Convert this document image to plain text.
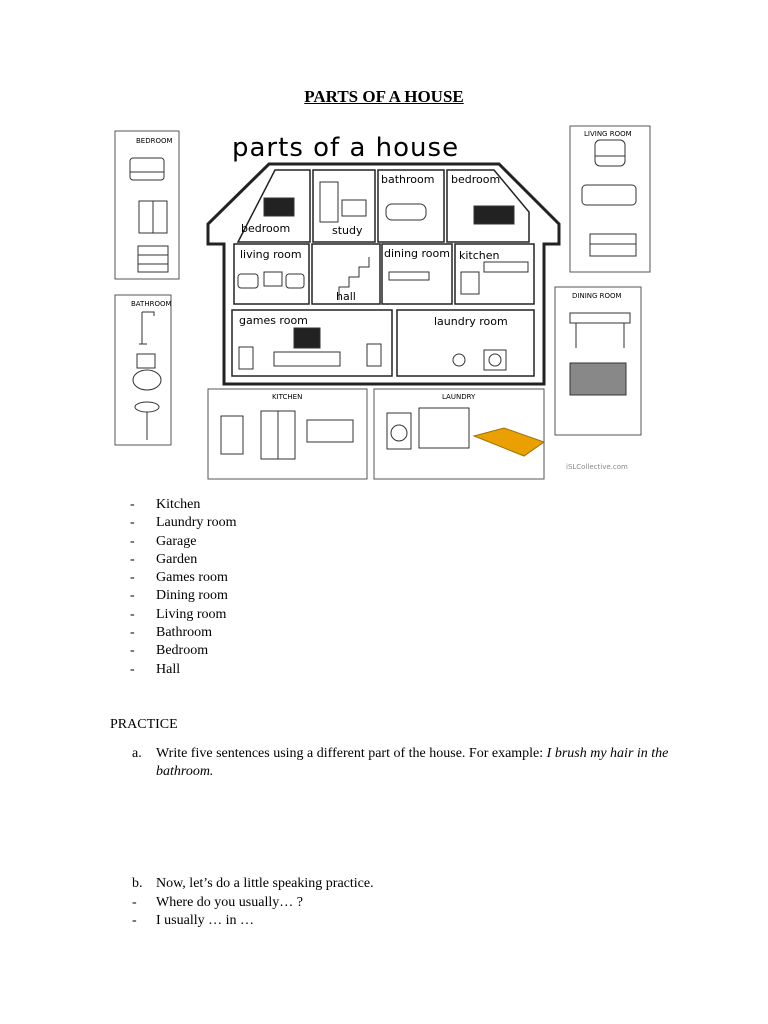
PARTS OF A HOUSE
BEDROOM
BATHROOM
LIVING ROOM
DINING ROOM
KITCHEN	LAUNDRY
iSLCollective.com
parts of a house
bedroom	study
bathroom bedroom
living room
hall
dining room kitchen
games room	laundry room
- Kitchen
- Laundry room
- Garage
- Garden
- Games room
- Dining room
- Living room
- Bathroom
- Bedroom
- Hall
PRACTICE
a.	Write five sentences using a different part of the house. For example: I brush my hair in the bathroom.
b. Now, let’s do a little speaking practice.
- Where do you usually… ?
- I usually … in …
